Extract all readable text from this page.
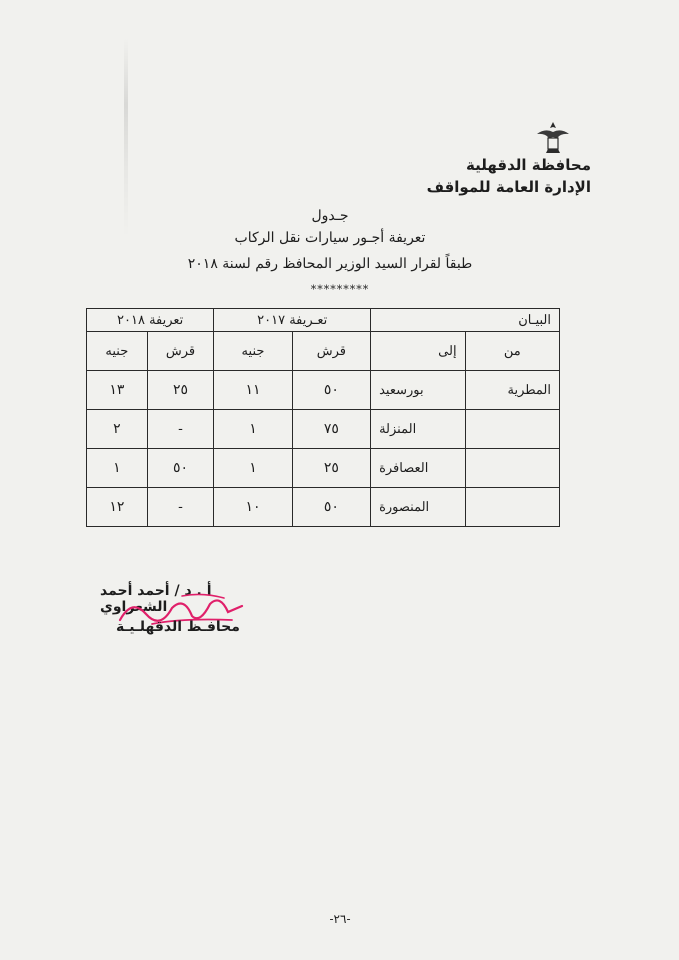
محافظة الدقهلية
الإدارة العامة للمواقف
جـدول
تعريفة أجـور سيارات نقل الركاب
طبقاً لقرار السيد الوزير المحافظ رقم لسنة ٢٠١٨
*********
البيـان		تعـريفة ٢٠١٧		تعريفة ٢٠١٨	
من	إلى	قرش	جنيه	قرش	جنيه
المطرية	بورسعيد	٥٠	١١	٢٥	١٣
	المنزلة	٧٥	١	-	٢
	العصافرة	٢٥	١	٥٠	١
	المنصورة	٥٠	١٠	-	١٢
أ . د / أحمد أحمد الشعراوي
محافـظ الدقهلـيـة
-٢٦-
